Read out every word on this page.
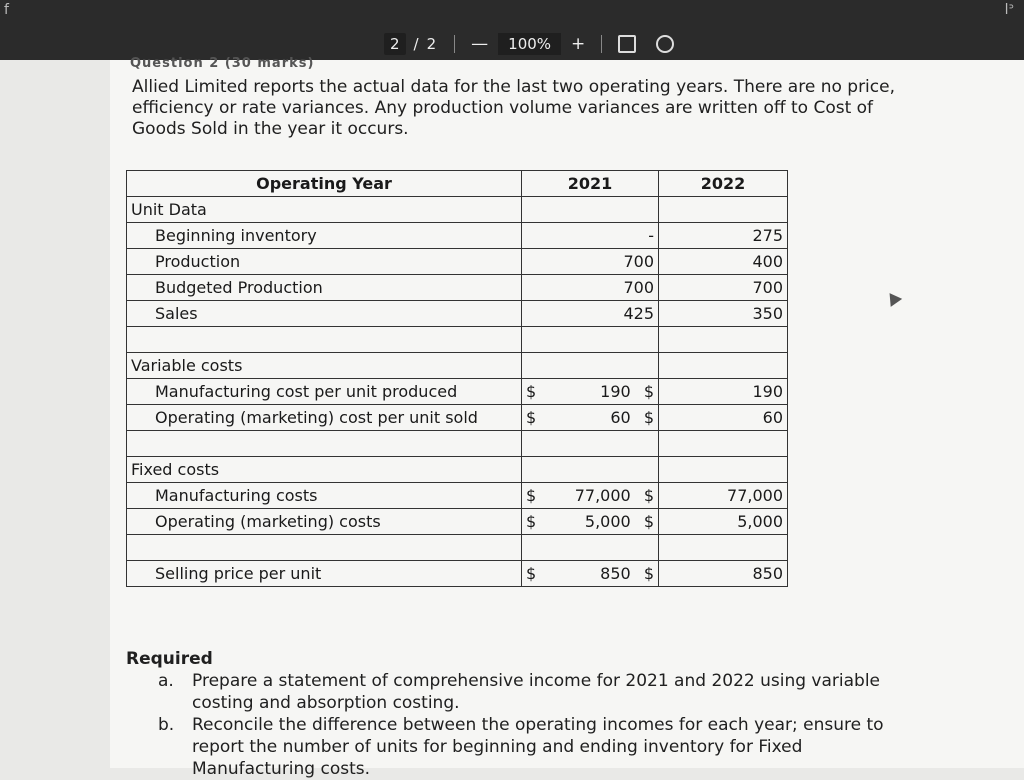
f	lᐣ
2 / 2	—	100%	+
Question 2 (30 marks)
Allied Limited reports the actual data for the last two operating years. There are no price, efficiency or rate variances. Any production volume variances are written off to Cost of Goods Sold in the year it occurs.
Operating Year	2021		2022
Unit Data			
Beginning inventory	-		275
Production	700		400
Budgeted Production	700		700
Sales	425		350

Variable costs			
Manufacturing cost per unit produced	$	190 $	190
Operating (marketing) cost per unit sold	$	60 $	60

Fixed costs			
Manufacturing costs	$	77,000 $	77,000
Operating (marketing) costs	$	5,000 $	5,000

Selling price per unit	$	850 $	850
Required
a.	Prepare a statement of comprehensive income for 2021 and 2022 using variable costing and absorption costing.
b.	Reconcile the difference between the operating incomes for each year; ensure to report the number of units for beginning and ending inventory for Fixed Manufacturing costs.
